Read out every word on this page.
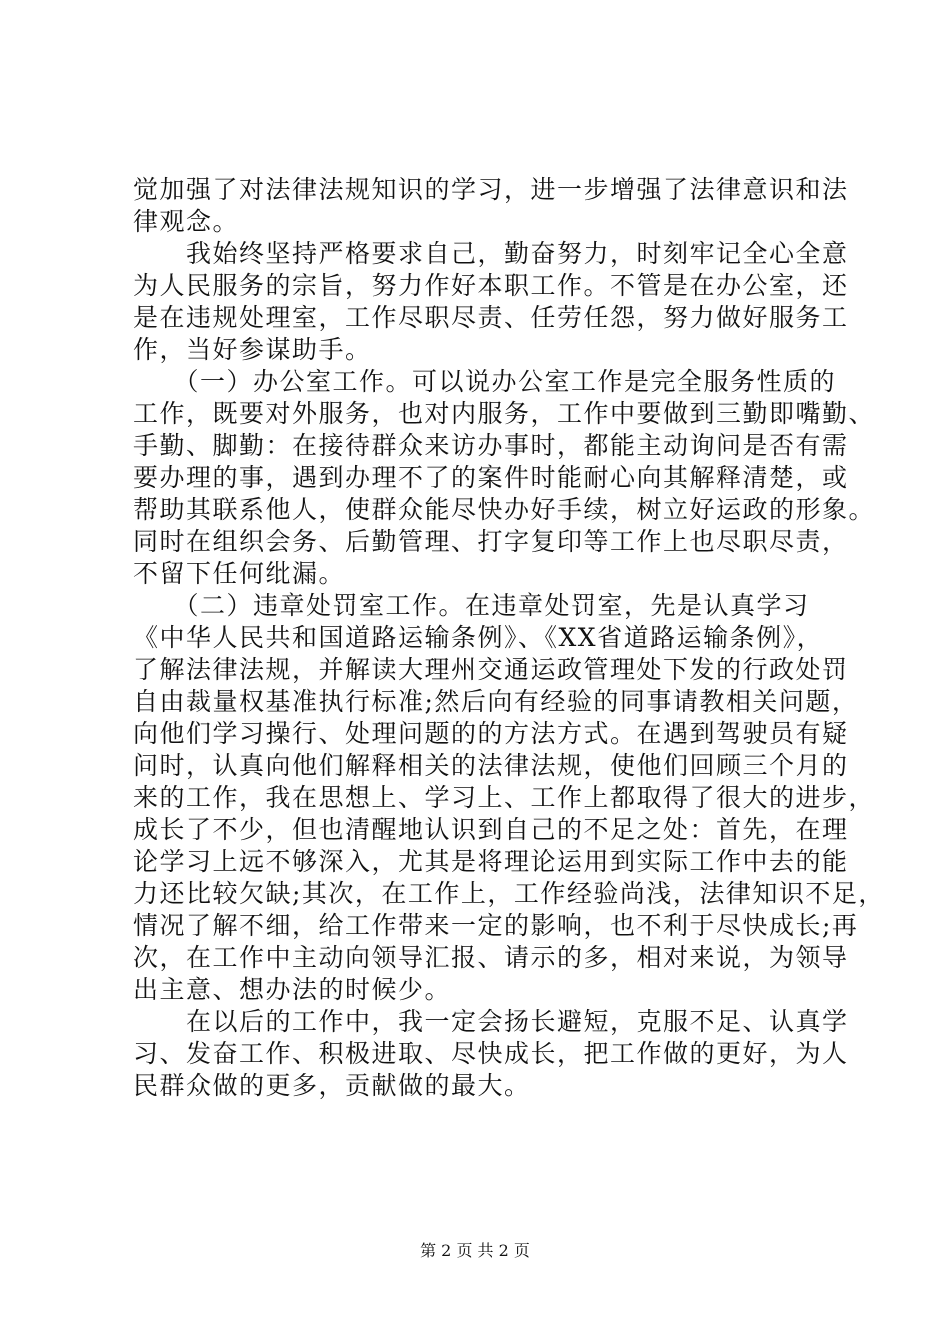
觉加强了对法律法规知识的学习，进一步增强了法律意识和法
律观念。
　　我始终坚持严格要求自己，勤奋努力，时刻牢记全心全意
为人民服务的宗旨，努力作好本职工作。不管是在办公室，还
是在违规处理室，工作尽职尽责、任劳任怨，努力做好服务工
作，当好参谋助手。
　　（一）办公室工作。可以说办公室工作是完全服务性质的
工作，既要对外服务，也对内服务，工作中要做到三勤即嘴勤、
手勤、脚勤：在接待群众来访办事时，都能主动询问是否有需
要办理的事，遇到办理不了的案件时能耐心向其解释清楚，或
帮助其联系他人，使群众能尽快办好手续，树立好运政的形象。
同时在组织会务、后勤管理、打字复印等工作上也尽职尽责，
不留下任何纰漏。
　　（二）违章处罚室工作。在违章处罚室，先是认真学习
《中华人民共和国道路运输条例》、《XX省道路运输条例》，
了解法律法规，并解读大理州交通运政管理处下发的行政处罚
自由裁量权基准执行标准;然后向有经验的同事请教相关问题，
向他们学习操行、处理问题的的方法方式。在遇到驾驶员有疑
问时，认真向他们解释相关的法律法规，使他们回顾三个月的
来的工作，我在思想上、学习上、工作上都取得了很大的进步，
成长了不少，但也清醒地认识到自己的不足之处：首先，在理
论学习上远不够深入，尤其是将理论运用到实际工作中去的能
力还比较欠缺;其次，在工作上，工作经验尚浅，法律知识不足，
情况了解不细，给工作带来一定的影响，也不利于尽快成长;再
次，在工作中主动向领导汇报、请示的多，相对来说，为领导
出主意、想办法的时候少。
　　在以后的工作中，我一定会扬长避短，克服不足、认真学
习、发奋工作、积极进取、尽快成长，把工作做的更好，为人
民群众做的更多，贡献做的最大。
第 2 页 共 2 页
